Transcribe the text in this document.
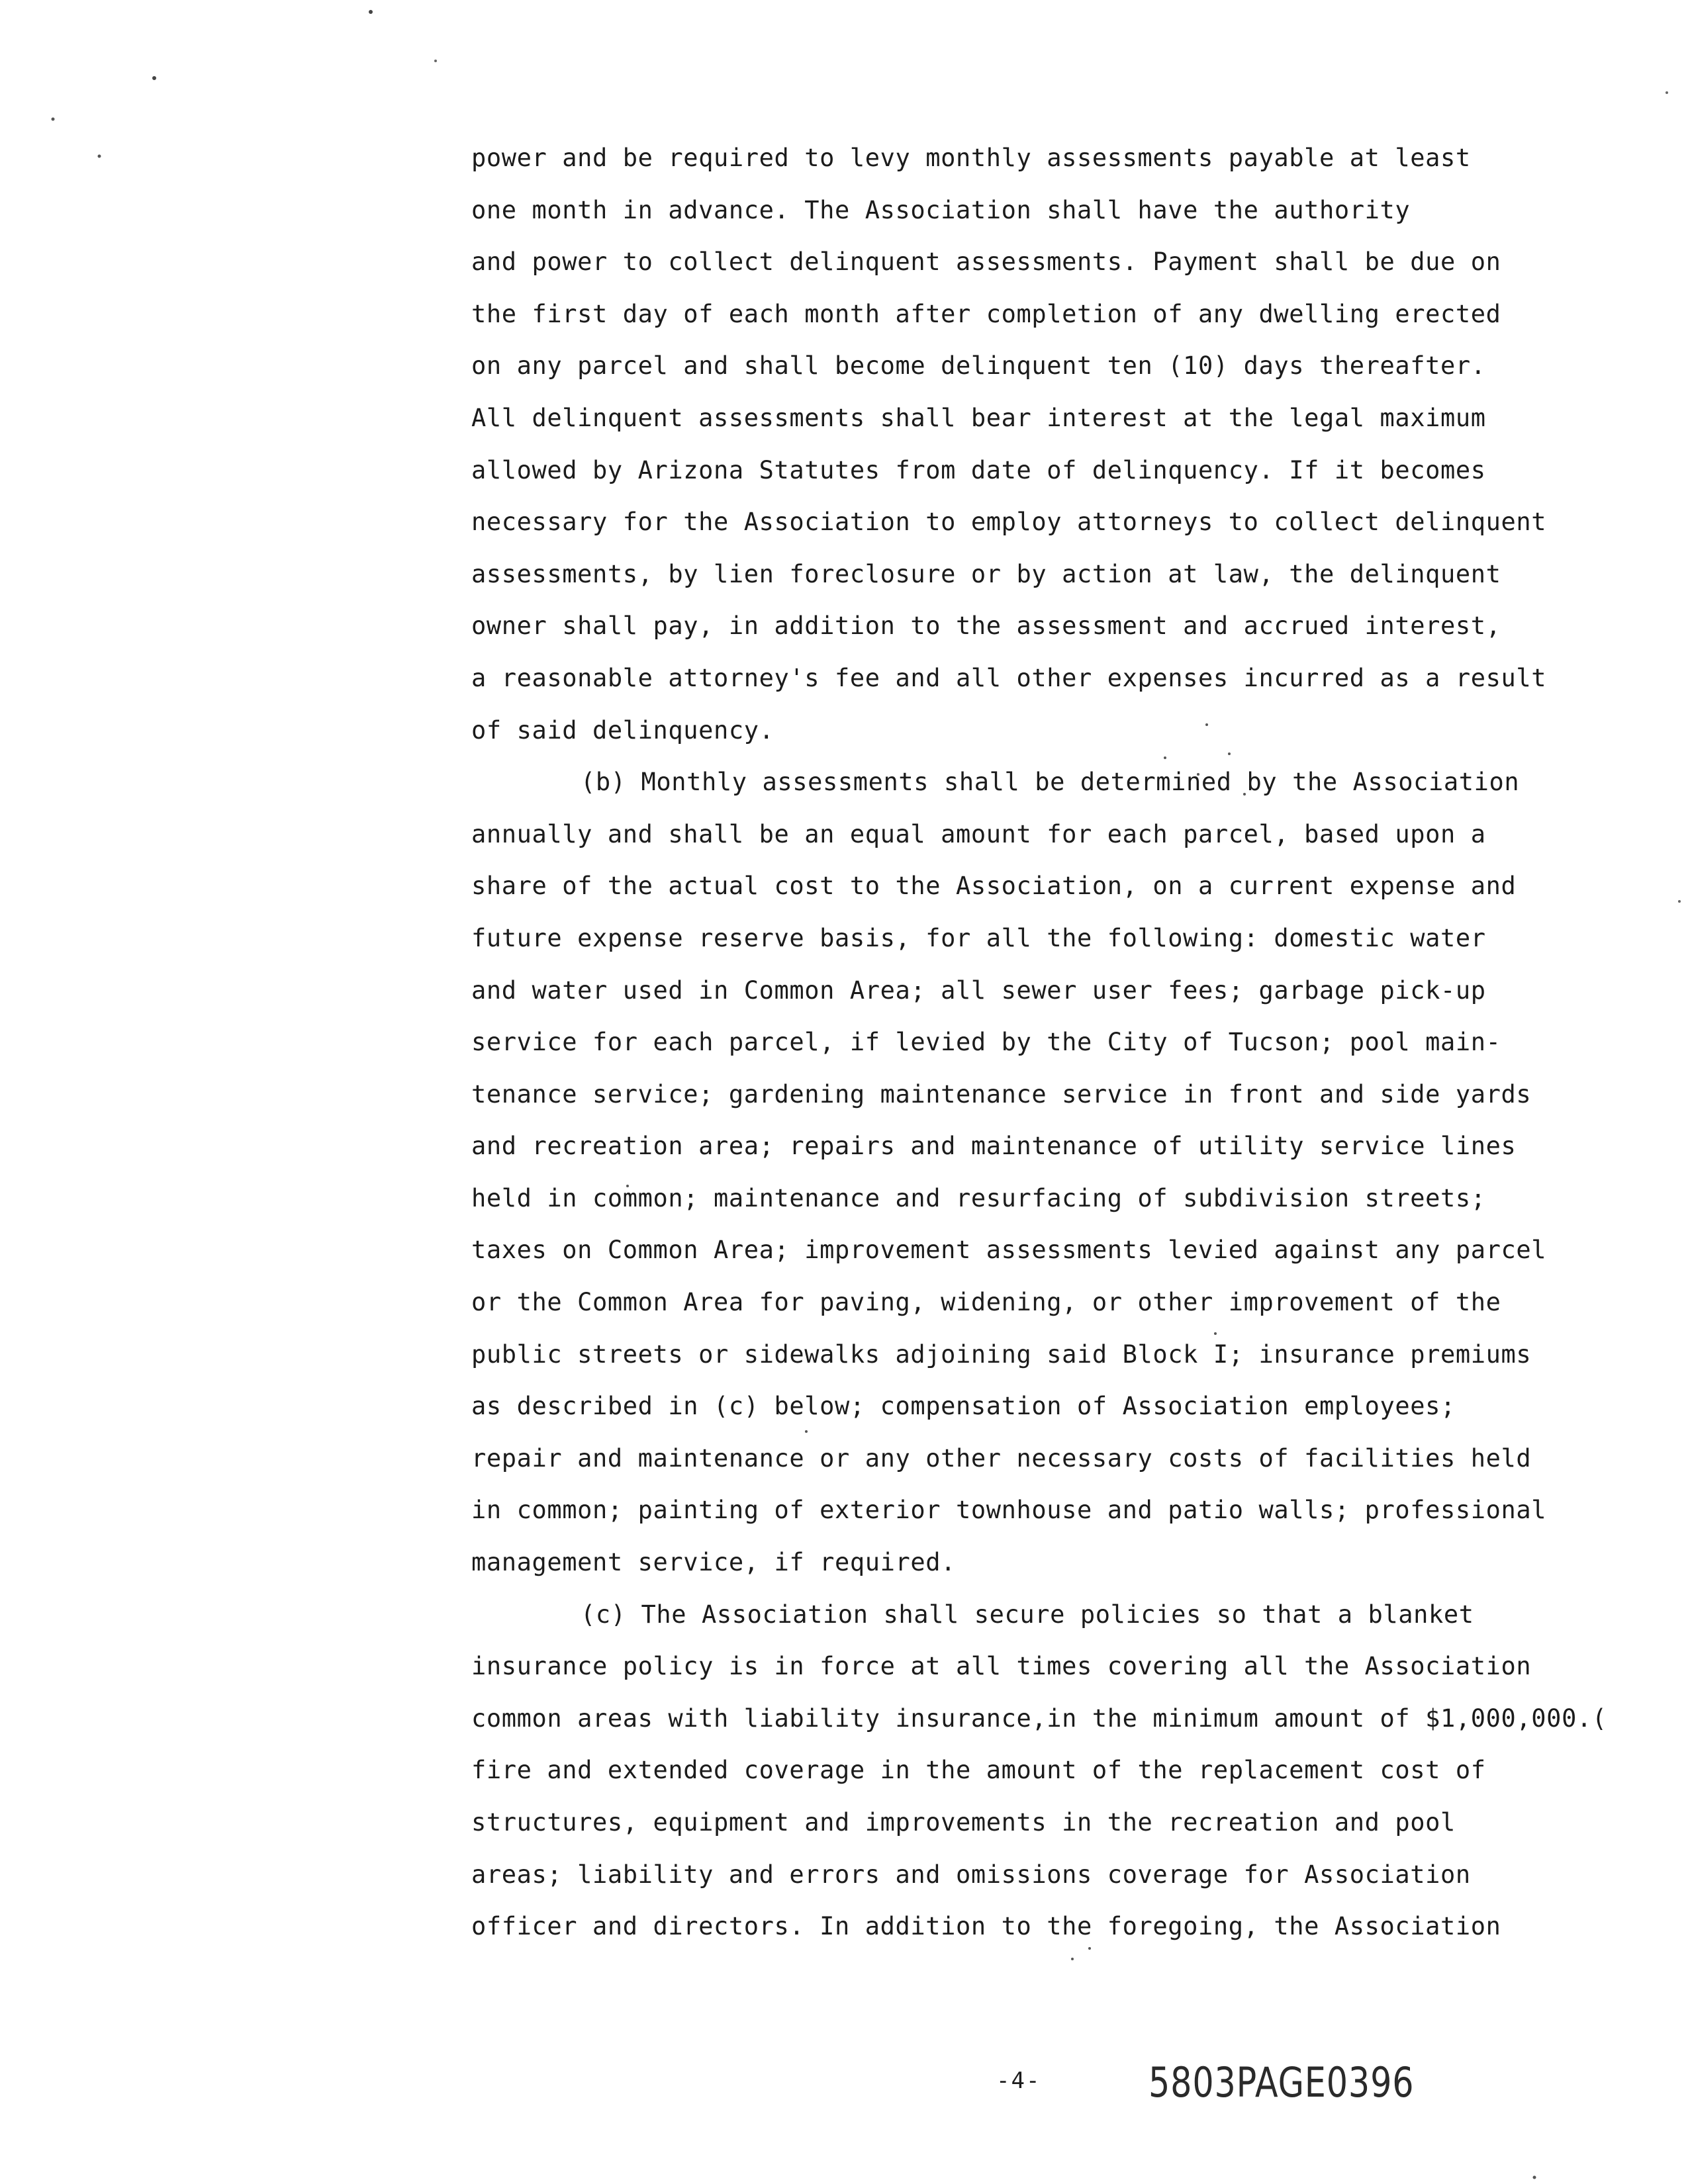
power and be required to levy monthly assessments payable at least
one month in advance. The Association shall have the authority
and power to collect delinquent assessments. Payment shall be due on
the first day of each month after completion of any dwelling erected
on any parcel and shall become delinquent ten (10) days thereafter.
All delinquent assessments shall bear interest at the legal maximum
allowed by Arizona Statutes from date of delinquency. If it becomes
necessary for the Association to employ attorneys to collect delinquent
assessments, by lien foreclosure or by action at law, the delinquent
owner shall pay, in addition to the assessment and accrued interest,
a reasonable attorney's fee and all other expenses incurred as a result
of said delinquency.
(b) Monthly assessments shall be determined by the Association
annually and shall be an equal amount for each parcel, based upon a
share of the actual cost to the Association, on a current expense and
future expense reserve basis, for all the following: domestic water
and water used in Common Area; all sewer user fees; garbage pick-up
service for each parcel, if levied by the City of Tucson; pool main-
tenance service; gardening maintenance service in front and side yards
and recreation area; repairs and maintenance of utility service lines
held in common; maintenance and resurfacing of subdivision streets;
taxes on Common Area; improvement assessments levied against any parcel
or the Common Area for paving, widening, or other improvement of the
public streets or sidewalks adjoining said Block I; insurance premiums
as described in (c) below; compensation of Association employees;
repair and maintenance or any other necessary costs of facilities held
in common; painting of exterior townhouse and patio walls; professional
management service, if required.
(c) The Association shall secure policies so that a blanket
insurance policy is in force at all times covering all the Association
common areas with liability insurance,in the minimum amount of $1,000,000.(
fire and extended coverage in the amount of the replacement cost of
structures, equipment and improvements in the recreation and pool
areas; liability and errors and omissions coverage for Association
officer and directors. In addition to the foregoing, the Association
-4-	5803PAGE0396
